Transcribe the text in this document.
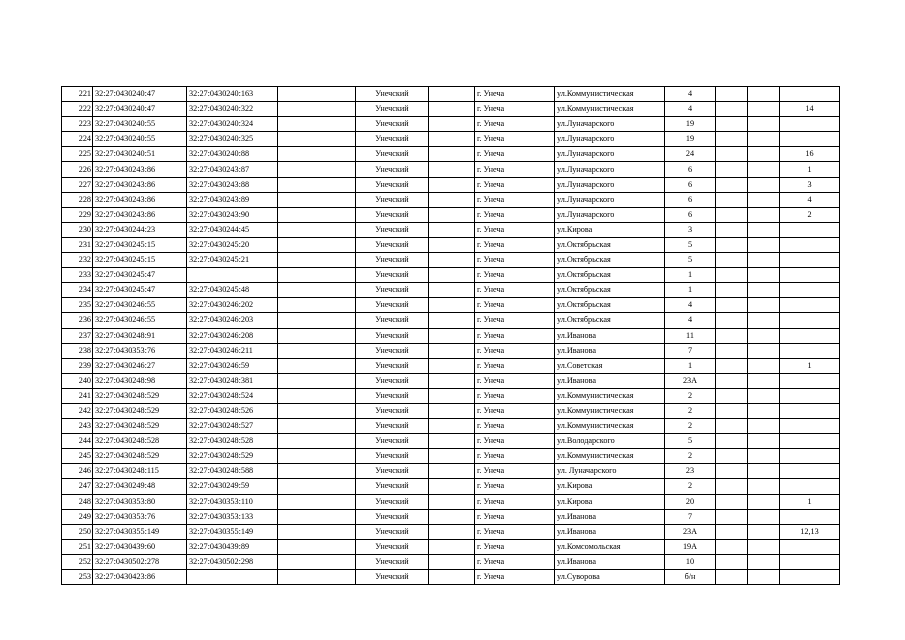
221	32:27:0430240:47	32:27:0430240:163		Унечский		г. Унеча	ул.Коммунистическая	4			
222	32:27:0430240:47	32:27:0430240:322		Унечский		г. Унеча	ул.Коммунистическая	4			14
223	32:27:0430240:55	32:27:0430240:324		Унечский		г. Унеча	ул.Луначарского	19			
224	32:27:0430240:55	32:27:0430240:325		Унечский		г. Унеча	ул.Луначарского	19			
225	32:27:0430240:51	32:27:0430240:88		Унечский		г. Унеча	ул.Луначарского	24			16
226	32:27:0430243:86	32:27:0430243:87		Унечский		г. Унеча	ул.Луначарского	6			1
227	32:27:0430243:86	32:27:0430243:88		Унечский		г. Унеча	ул.Луначарского	6			3
228	32:27:0430243:86	32:27:0430243:89		Унечский		г. Унеча	ул.Луначарского	6			4
229	32:27:0430243:86	32:27:0430243:90		Унечский		г. Унеча	ул.Луначарского	6			2
230	32:27:0430244:23	32:27:0430244:45		Унечский		г. Унеча	ул.Кирова	3			
231	32:27:0430245:15	32:27:0430245:20		Унечский		г. Унеча	ул.Октябрьская	5			
232	32:27:0430245:15	32:27:0430245:21		Унечский		г. Унеча	ул.Октябрьская	5			
233	32:27:0430245:47			Унечский		г. Унеча	ул.Октябрьская	1			
234	32:27:0430245:47	32:27:0430245:48		Унечский		г. Унеча	ул.Октябрьская	1			
235	32:27:0430246:55	32:27:0430246:202		Унечский		г. Унеча	ул.Октябрьская	4			
236	32:27:0430246:55	32:27:0430246:203		Унечский		г. Унеча	ул.Октябрьская	4			
237	32:27:0430248:91	32:27:0430246:208		Унечский		г. Унеча	ул.Иванова	11			
238	32:27:0430353:76	32:27:0430246:211		Унечский		г. Унеча	ул.Иванова	7			
239	32:27:0430246:27	32:27:0430246:59		Унечский		г. Унеча	ул.Советская	1			1
240	32:27:0430248:98	32:27:0430248:381		Унечский		г. Унеча	ул.Иванова	23А			
241	32:27:0430248:529	32:27:0430248:524		Унечский		г. Унеча	ул.Коммунистическая	2			
242	32:27:0430248:529	32:27:0430248:526		Унечский		г. Унеча	ул.Коммунистическая	2			
243	32:27:0430248:529	32:27:0430248:527		Унечский		г. Унеча	ул.Коммунистическая	2			
244	32:27:0430248:528	32:27:0430248:528		Унечский		г. Унеча	ул.Володарского	5			
245	32:27:0430248:529	32:27:0430248:529		Унечский		г. Унеча	ул.Коммунистическая	2			
246	32:27:0430248:115	32:27:0430248:588		Унечский		г. Унеча	ул. Луначарского	23			
247	32:27:0430249:48	32:27:0430249:59		Унечский		г. Унеча	ул.Кирова	2			
248	32:27:0430353:80	32:27:0430353:110		Унечский		г. Унеча	ул.Кирова	20			1
249	32:27:0430353:76	32:27:0430353:133		Унечский		г. Унеча	ул.Иванова	7			
250	32:27:0430355:149	32:27:0430355:149		Унечский		г. Унеча	ул.Иванова	23А			12,13
251	32:27:0430439:60	32:27:0430439:89		Унечский		г. Унеча	ул.Комсомольская	19А			
252	32:27:0430502:278	32:27:0430502:298		Унечский		г. Унеча	ул.Иванова	10			
253	32:27:0430423:86			Унечский		г. Унеча	ул.Суворова	б/н			
